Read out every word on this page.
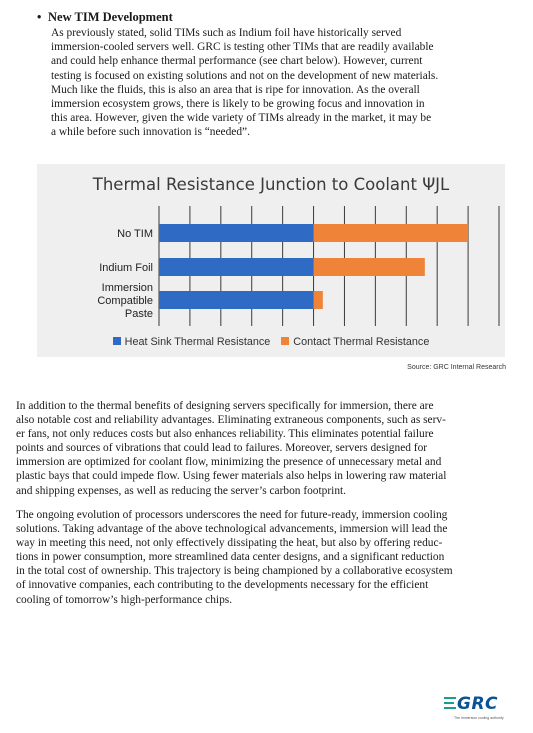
• New TIM Development
As previously stated, solid TIMs such as Indium foil have historically served
immersion-cooled servers well. GRC is testing other TIMs that are readily available
and could help enhance thermal performance (see chart below). However, current
testing is focused on existing solutions and not on the development of new materials.
Much like the fluids, this is also an area that is ripe for innovation. As the overall
immersion ecosystem grows, there is likely to be growing focus and innovation in
this area. However, given the wide variety of TIMs already in the market, it may be
a while before such innovation is “needed”.
Thermal Resistance Junction to Coolant ΨJL
No TIM
Indium Foil
Immersion
Compatible
Paste
Heat Sink Thermal Resistance Contact Thermal Resistance
Source: GRC Internal Research
In addition to the thermal benefits of designing servers specifically for immersion, there are
also notable cost and reliability advantages. Eliminating extraneous components, such as serv-
er fans, not only reduces costs but also enhances reliability. This eliminates potential failure
points and sources of vibrations that could lead to failures. Moreover, servers designed for
immersion are optimized for coolant flow, minimizing the presence of unnecessary metal and
plastic bays that could impede flow. Using fewer materials also helps in lowering raw material
and shipping expenses, as well as reducing the server’s carbon footprint.
The ongoing evolution of processors underscores the need for future-ready, immersion cooling
solutions. Taking advantage of the above technological advancements, immersion will lead the
way in meeting this need, not only effectively dissipating the heat, but also by offering reduc-
tions in power consumption, more streamlined data center designs, and a significant reduction
in the total cost of ownership. This trajectory is being championed by a collaborative ecosystem
of innovative companies, each contributing to the developments necessary for the efficient
cooling of tomorrow’s high-performance chips.
GRC
The immersion cooling authority
